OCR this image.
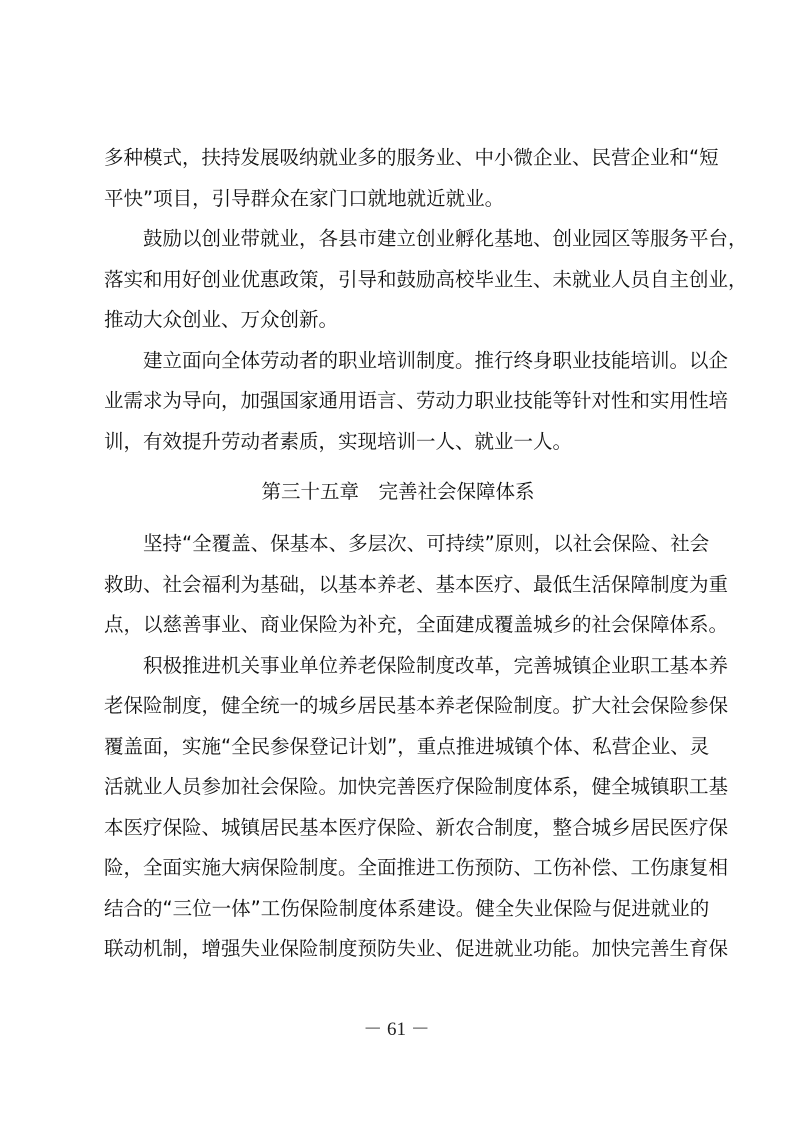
多种模式，扶持发展吸纳就业多的服务业、中小微企业、民营企业和“短
平快”项目，引导群众在家门口就地就近就业。
鼓励以创业带就业，各县市建立创业孵化基地、创业园区等服务平台，
落实和用好创业优惠政策，引导和鼓励高校毕业生、未就业人员自主创业，
推动大众创业、万众创新。
建立面向全体劳动者的职业培训制度。推行终身职业技能培训。以企
业需求为导向，加强国家通用语言、劳动力职业技能等针对性和实用性培
训，有效提升劳动者素质，实现培训一人、就业一人。
第三十五章　完善社会保障体系
坚持“全覆盖、保基本、多层次、可持续”原则，以社会保险、社会
救助、社会福利为基础，以基本养老、基本医疗、最低生活保障制度为重
点，以慈善事业、商业保险为补充，全面建成覆盖城乡的社会保障体系。
积极推进机关事业单位养老保险制度改革，完善城镇企业职工基本养
老保险制度，健全统一的城乡居民基本养老保险制度。扩大社会保险参保
覆盖面，实施“全民参保登记计划”，重点推进城镇个体、私营企业、灵
活就业人员参加社会保险。加快完善医疗保险制度体系，健全城镇职工基
本医疗保险、城镇居民基本医疗保险、新农合制度，整合城乡居民医疗保
险，全面实施大病保险制度。全面推进工伤预防、工伤补偿、工伤康复相
结合的“三位一体”工伤保险制度体系建设。健全失业保险与促进就业的
联动机制，增强失业保险制度预防失业、促进就业功能。加快完善生育保
－ 61 －
